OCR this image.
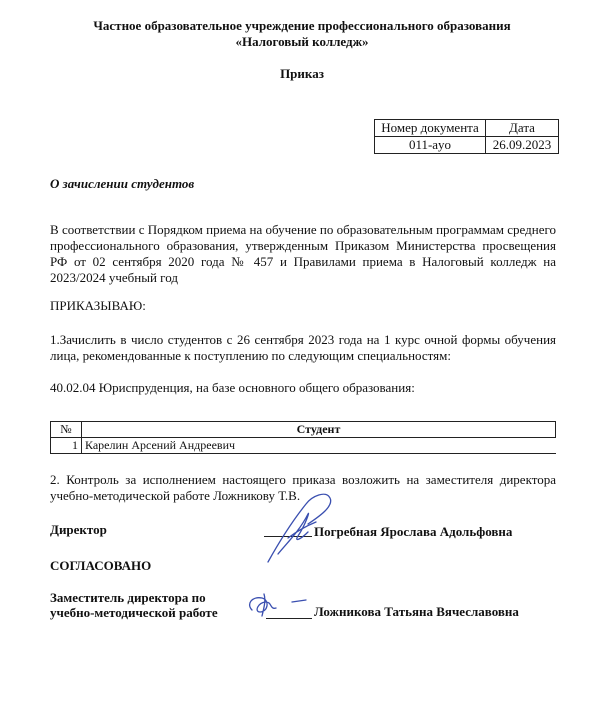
Частное образовательное учреждение профессионального образования
«Налоговый колледж»
Приказ
Номер документа	Дата
011-аyo	26.09.2023
О зачислении студентов
В соответствии с Порядком приема на обучение по образовательным программам среднего профессионального образования, утвержденным Приказом Министерства просвещения РФ от 02 сентября 2020 года № 457 и Правилами приема в Налоговый колледж на 2023/2024 учебный год
ПРИКАЗЫВАЮ:
1.Зачислить в число студентов с 26 сентября 2023 года на 1 курс очной формы обучения лица, рекомендованные к поступлению по следующим специальностям:
40.02.04 Юриспруденция, на базе основного общего образования:
№	Студент
1	Карелин Арсений Андреевич
2. Контроль за исполнением настоящего приказа возложить на заместителя директора учебно-методической работе Ложникову Т.В.
Директор	Погребная Ярослава Адольфовна
СОГЛАСОВАНО
Заместитель директора по
учебно-методической работе	Ложникова Татьяна Вячеславовна
